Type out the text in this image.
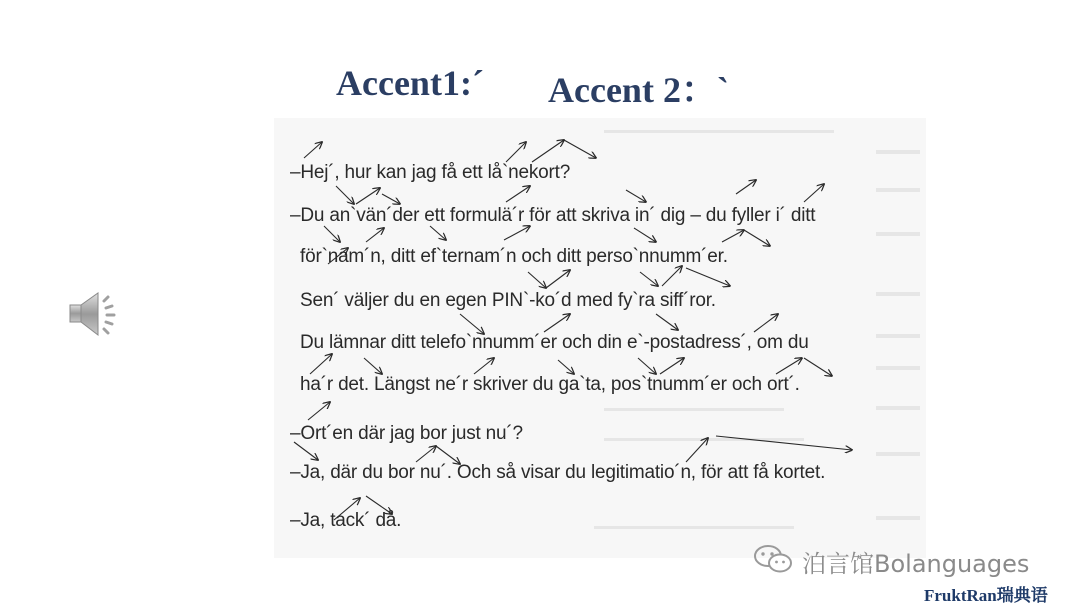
Accent1:´ Accent 2：`
–Hej´, hur kan jag få ett lå`nekort?
–Du an`vän´der ett formulä´r för att skriva in´ dig – du fyller i´ ditt
för`nam´n, ditt ef`ternam´n och ditt perso`nnumm´er.
Sen´ väljer du en egen PIN`-ko´d med fy`ra siff´ror.
Du lämnar ditt telefo`nnumm´er och din e`-postadress´, om du
ha´r det. Längst ne´r skriver du ga`ta, pos`tnumm´er och ort´.
–Ort´en där jag bor just nu´?
–Ja, där du bor nu´. Och så visar du legitimatio´n, för att få kortet.
–Ja, tack´ då.
泊言馆Bolanguages
FruktRan瑞典语
